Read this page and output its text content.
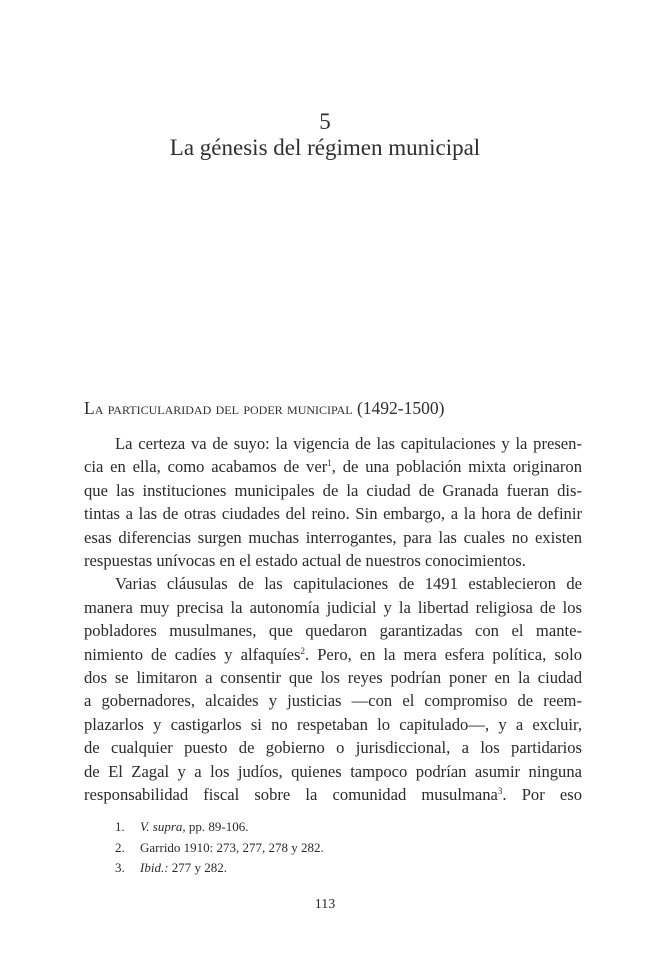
5
La génesis del régimen municipal
La particularidad del poder municipal (1492-1500)
La certeza va de suyo: la vigencia de las capitulaciones y la presen-
cia en ella, como acabamos de ver$^1$, de una población mixta originaron
que las instituciones municipales de la ciudad de Granada fueran dis-
tintas a las de otras ciudades del reino. Sin embargo, a la hora de definir
esas diferencias surgen muchas interrogantes, para las cuales no existen
respuestas unívocas en el estado actual de nuestros conocimientos.
Varias cláusulas de las capitulaciones de 1491 establecieron de
manera muy precisa la autonomía judicial y la libertad religiosa de los
pobladores musulmanes, que quedaron garantizadas con el mante-
nimiento de cadíes y alfaquíes$^2$. Pero, en la mera esfera política, solo
dos se limitaron a consentir que los reyes podrían poner en la ciudad
a gobernadores, alcaides y justicias —con el compromiso de reem-
plazarlos y castigarlos si no respetaban lo capitulado—, y a excluir,
de cualquier puesto de gobierno o jurisdiccional, a los partidarios
de El Zagal y a los judíos, quienes tampoco podrían asumir ninguna
responsabilidad fiscal sobre la comunidad musulmana$^3$. Por eso
1.	V. supra, pp. 89-106.
2.	Garrido 1910: 273, 277, 278 y 282.
3.	Ibid.: 277 y 282.
113
